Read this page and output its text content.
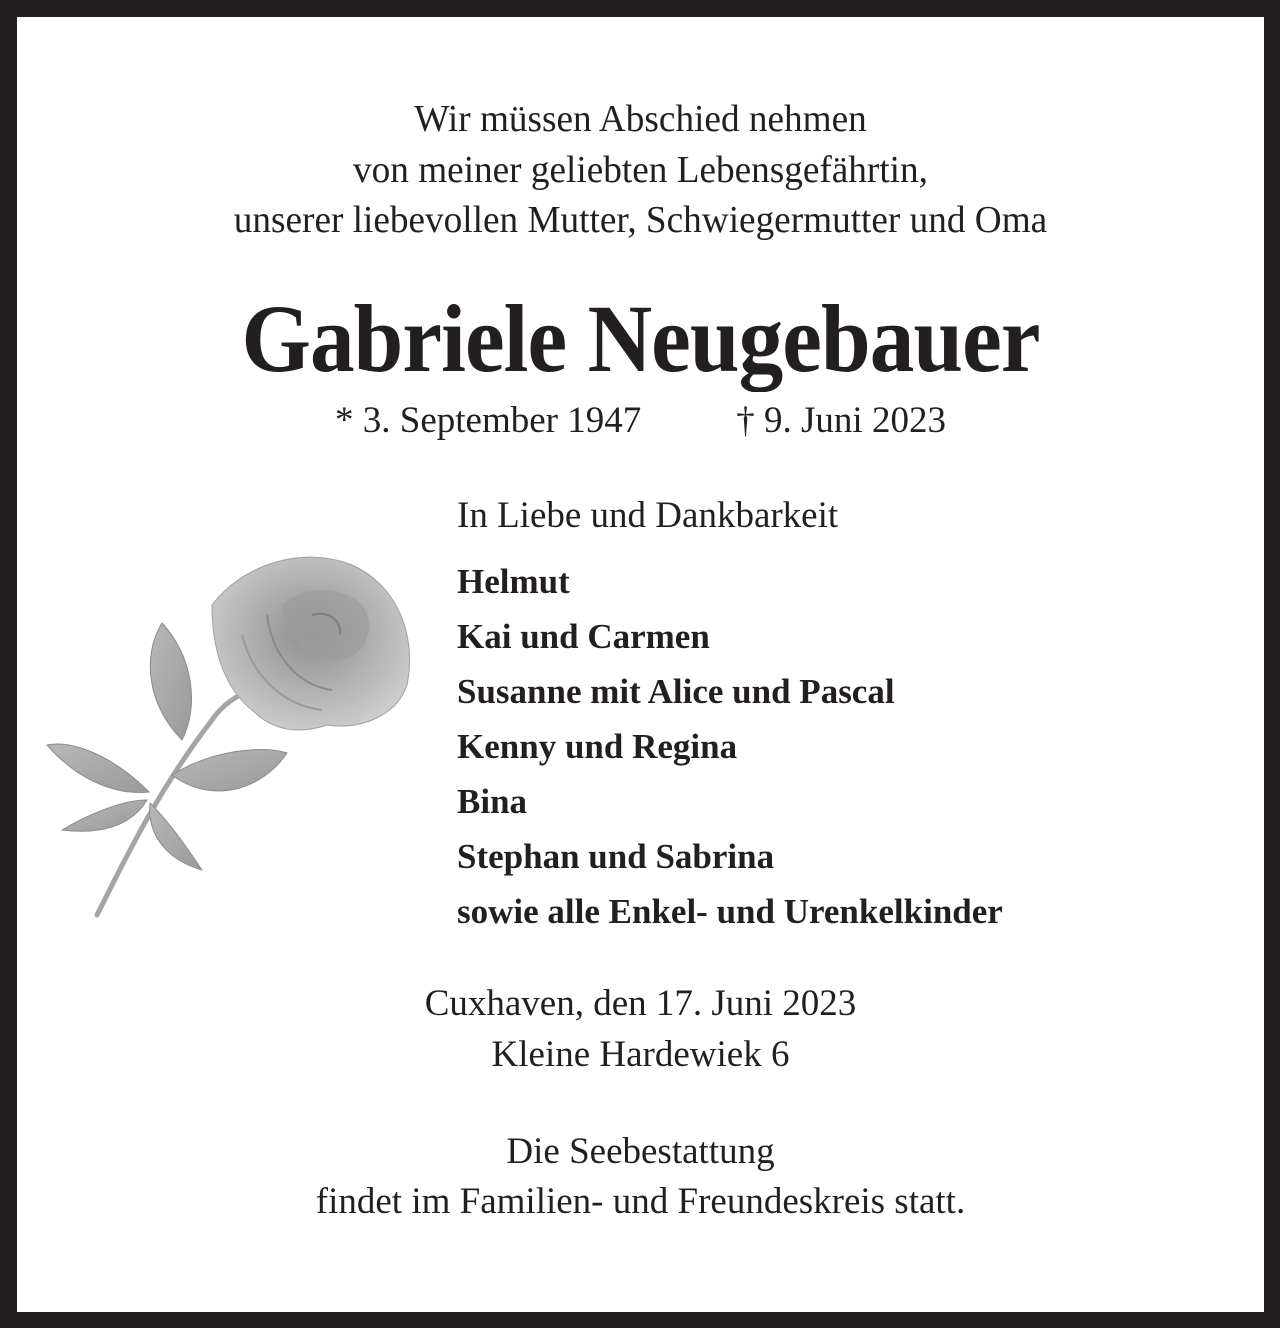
Wir müssen Abschied nehmen
von meiner geliebten Lebensgefährtin,
unserer liebevollen Mutter, Schwiegermutter und Oma
Gabriele Neugebauer
* 3. September 1947	† 9. Juni 2023
In Liebe und Dankbarkeit
Helmut
Kai und Carmen
Susanne mit Alice und Pascal
Kenny und Regina
Bina
Stephan und Sabrina
sowie alle Enkel- und Urenkelkinder
Cuxhaven, den 17. Juni 2023
Kleine Hardewiek 6
Die Seebestattung
findet im Familien- und Freundeskreis statt.
